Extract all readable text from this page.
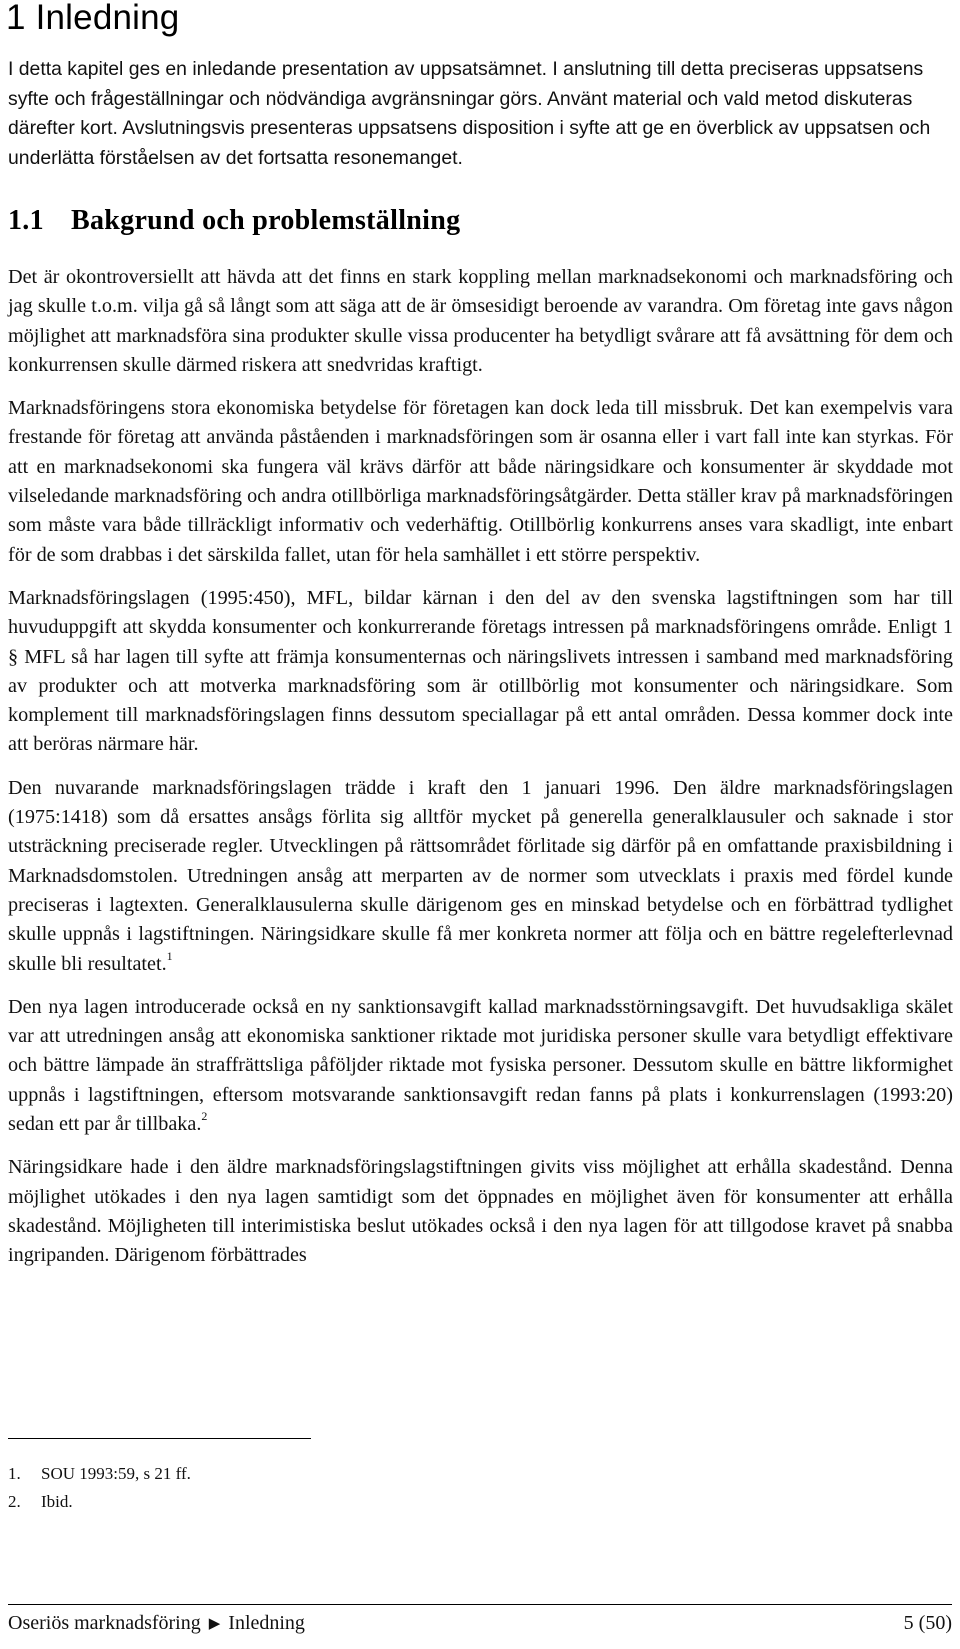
1 Inledning

I detta kapitel ges en inledande presentation av uppsatsämnet. I anslutning till detta preciseras uppsatsens syfte och frågeställningar och nödvändiga avgränsningar görs. Använt material och vald metod diskuteras därefter kort. Avslutningsvis presenteras uppsatsens disposition i syfte att ge en överblick av uppsatsen och underlätta förståelsen av det fortsatta resonemanget.

1.1 Bakgrund och problemställning

Det är okontroversiellt att hävda att det finns en stark koppling mellan marknadsekonomi och marknadsföring och jag skulle t.o.m. vilja gå så långt som att säga att de är ömsesidigt beroende av varandra. Om företag inte gavs någon möjlighet att marknadsföra sina produkter skulle vissa producenter ha betydligt svårare att få avsättning för dem och konkurrensen skulle därmed riskera att snedvridas kraftigt.

Marknadsföringens stora ekonomiska betydelse för företagen kan dock leda till missbruk. Det kan exempelvis vara frestande för företag att använda påståenden i marknadsföringen som är osanna eller i vart fall inte kan styrkas. För att en marknadsekonomi ska fungera väl krävs därför att både näringsidkare och konsumenter är skyddade mot vilseledande marknadsföring och andra otillbörliga marknadsföringsåtgärder. Detta ställer krav på marknadsföringen som måste vara både tillräckligt informativ och vederhäftig. Otillbörlig konkurrens anses vara skadligt, inte enbart för de som drabbas i det särskilda fallet, utan för hela samhället i ett större perspektiv.

Marknadsföringslagen (1995:450), MFL, bildar kärnan i den del av den svenska lagstiftningen som har till huvuduppgift att skydda konsumenter och konkurrerande företags intressen på marknadsföringens område. Enligt 1 § MFL så har lagen till syfte att främja konsumenternas och näringslivets intressen i samband med marknadsföring av produkter och att motverka marknadsföring som är otillbörlig mot konsumenter och näringsidkare. Som komplement till marknadsföringslagen finns dessutom speciallagar på ett antal områden. Dessa kommer dock inte att beröras närmare här.

Den nuvarande marknadsföringslagen trädde i kraft den 1 januari 1996. Den äldre marknadsföringslagen (1975:1418) som då ersattes ansågs förlita sig alltför mycket på generella generalklausuler och saknade i stor utsträckning preciserade regler. Utvecklingen på rättsområdet förlitade sig därför på en omfattande praxisbildning i Marknadsdomstolen. Utredningen ansåg att merparten av de normer som utvecklats i praxis med fördel kunde preciseras i lagtexten. Generalklausulerna skulle därigenom ges en minskad betydelse och en förbättrad tydlighet skulle uppnås i lagstiftningen. Näringsidkare skulle få mer konkreta normer att följa och en bättre regelefterlevnad skulle bli resultatet.$^1$

Den nya lagen introducerade också en ny sanktionsavgift kallad marknadsstörningsavgift. Det huvudsakliga skälet var att utredningen ansåg att ekonomiska sanktioner riktade mot juridiska personer skulle vara betydligt effektivare och bättre lämpade än straffrättsliga påföljder riktade mot fysiska personer. Dessutom skulle en bättre likformighet uppnås i lagstiftningen, eftersom motsvarande sanktionsavgift redan fanns på plats i konkurrenslagen (1993:20) sedan ett par år tillbaka.$^2$

Näringsidkare hade i den äldre marknadsföringslagstiftningen givits viss möjlighet att erhålla skadestånd. Denna möjlighet utökades i den nya lagen samtidigt som det öppnades en möjlighet även för konsumenter att erhålla skadestånd. Möjligheten till interimistiska beslut utökades också i den nya lagen för att tillgodose kravet på snabba ingripanden. Därigenom förbättrades

1. SOU 1993:59, s 21 ff.
2. Ibid.
Oseriös marknadsföring ▶ Inledning	5 (50)
